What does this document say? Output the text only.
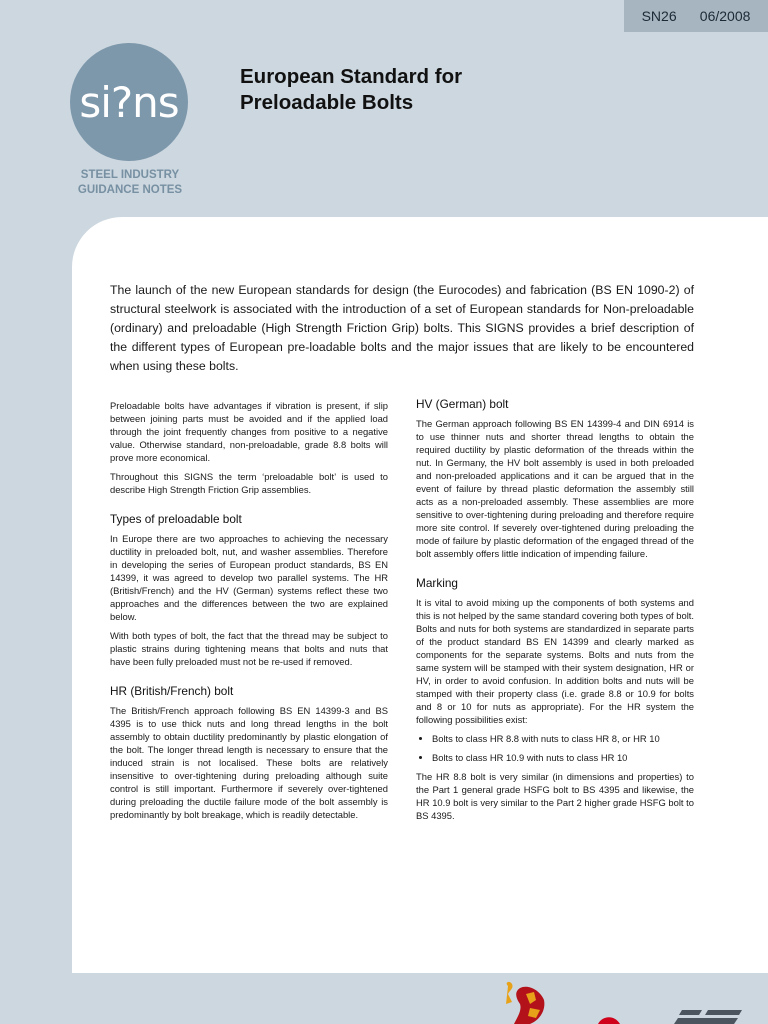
SN26 06/2008
si?ns
STEEL INDUSTRY
GUIDANCE NOTES
European Standard for
Preloadable Bolts

The launch of the new European standards for design (the Eurocodes) and fabrication (BS EN 1090-2) of structural steelwork is associated with the introduction of a set of European standards for Non-preloadable (ordinary) and preloadable (High Strength Friction Grip) bolts. This SIGNS provides a brief description of the different types of European pre-loadable bolts and the major issues that are likely to be encountered when using these bolts.

Preloadable bolts have advantages if vibration is present, if slip between joining parts must be avoided and if the applied load through the joint frequently changes from positive to a negative value. Otherwise standard, non-preloadable, grade 8.8 bolts will prove more economical.

Throughout this SIGNS the term ‘preloadable bolt’ is used to describe High Strength Friction Grip assemblies.

Types of preloadable bolt

In Europe there are two approaches to achieving the necessary ductility in preloaded bolt, nut, and washer assemblies. Therefore in developing the series of European product standards, BS EN 14399, it was agreed to develop two parallel systems. The HR (British/French) and the HV (German) systems reflect these two approaches and the differences between the two are explained below.

With both types of bolt, the fact that the thread may be subject to plastic strains during tightening means that bolts and nuts that have been fully preloaded must not be re-used if removed.

HR (British/French) bolt

The British/French approach following BS EN 14399-3 and BS 4395 is to use thick nuts and long thread lengths in the bolt assembly to obtain ductility predominantly by plastic elongation of the bolt. The longer thread length is necessary to ensure that the induced strain is not localised. These bolts are relatively insensitive to over-tightening during preloading although suite control is still important. Furthermore if severely over-tightened during preloading the ductile failure mode of the bolt assembly is predominantly by bolt breakage, which is readily detectable.

HV (German) bolt

The German approach following BS EN 14399-4 and DIN 6914 is to use thinner nuts and shorter thread lengths to obtain the required ductility by plastic deformation of the threads within the nut. In Germany, the HV bolt assembly is used in both preloaded and non-preloaded applications and it can be argued that in the event of failure by thread plastic deformation the assembly still acts as a non-preloaded assembly. These assemblies are more sensitive to over-tightening during preloading and therefore require more site control. If severely over-tightened during preloading the mode of failure by plastic deformation of the engaged thread of the bolt assembly offers little indication of impending failure.

Marking

It is vital to avoid mixing up the components of both systems and this is not helped by the same standard covering both types of bolt. Bolts and nuts for both systems are standardized in separate parts of the product standard BS EN 14399 and clearly marked as components for the separate systems. Bolts and nuts from the same system will be stamped with their system designation, HR or HV, in order to avoid confusion. In addition bolts and nuts will be stamped with their property class (i.e. grade 8.8 or 10.9 for bolts and 8 or 10 for nuts as appropriate). For the HR system the following possibilities exist:

• Bolts to class HR 8.8 with nuts to class HR 8, or HR 10
• Bolts to class HR 10.9 with nuts to class HR 10

The HR 8.8 bolt is very similar (in dimensions and properties) to the Part 1 general grade HSFG bolt to BS 4395 and likewise, the HR 10.9 bolt is very similar to the Part 2 higher grade HSFG bolt to BS 4395.
